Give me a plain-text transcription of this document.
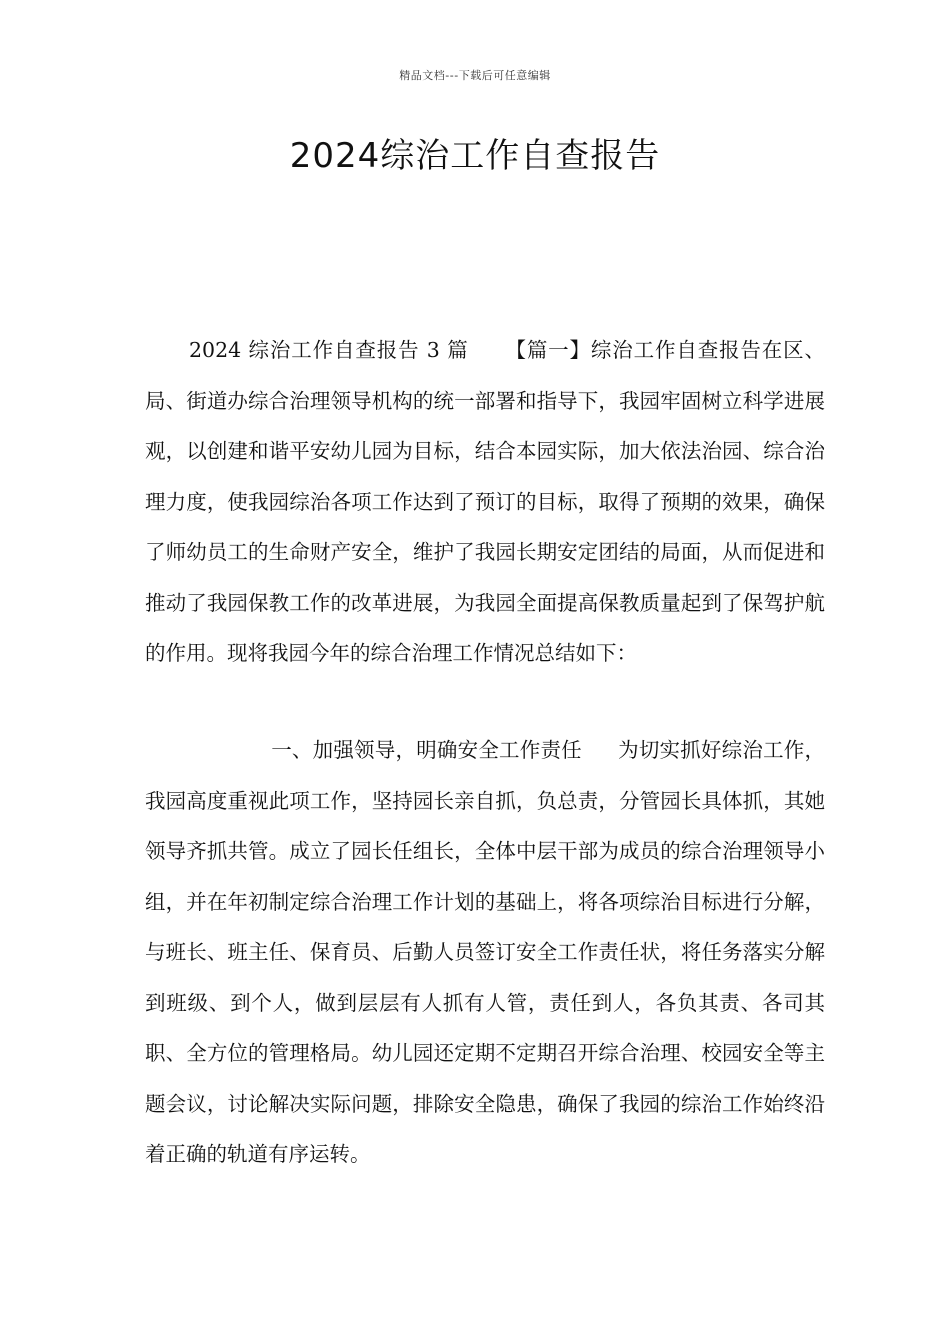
精品文档---下载后可任意编辑
2024综治工作自查报告

2024 综治工作自查报告 3 篇 【篇一】综治工作自查报告在区、局、街道办综合治理领导机构的统一部署和指导下，我园牢固树立科学进展观，以创建和谐平安幼儿园为目标，结合本园实际，加大依法治园、综合治理力度，使我园综治各项工作达到了预订的目标，取得了预期的效果，确保了师幼员工的生命财产安全，维护了我园长期安定团结的局面，从而促进和推动了我园保教工作的改革进展，为我园全面提高保教质量起到了保驾护航的作用。现将我园今年的综合治理工作情况总结如下：

一、加强领导，明确安全工作责任 为切实抓好综治工作，我园高度重视此项工作，坚持园长亲自抓，负总责，分管园长具体抓，其她领导齐抓共管。成立了园长任组长，全体中层干部为成员的综合治理领导小组，并在年初制定综合治理工作计划的基础上，将各项综治目标进行分解，与班长、班主任、保育员、后勤人员签订安全工作责任状，将任务落实分解到班级、到个人，做到层层有人抓有人管，责任到人，各负其责、各司其职、全方位的管理格局。幼儿园还定期不定期召开综合治理、校园安全等主题会议，讨论解决实际问题，排除安全隐患，确保了我园的综治工作始终沿着正确的轨道有序运转。
